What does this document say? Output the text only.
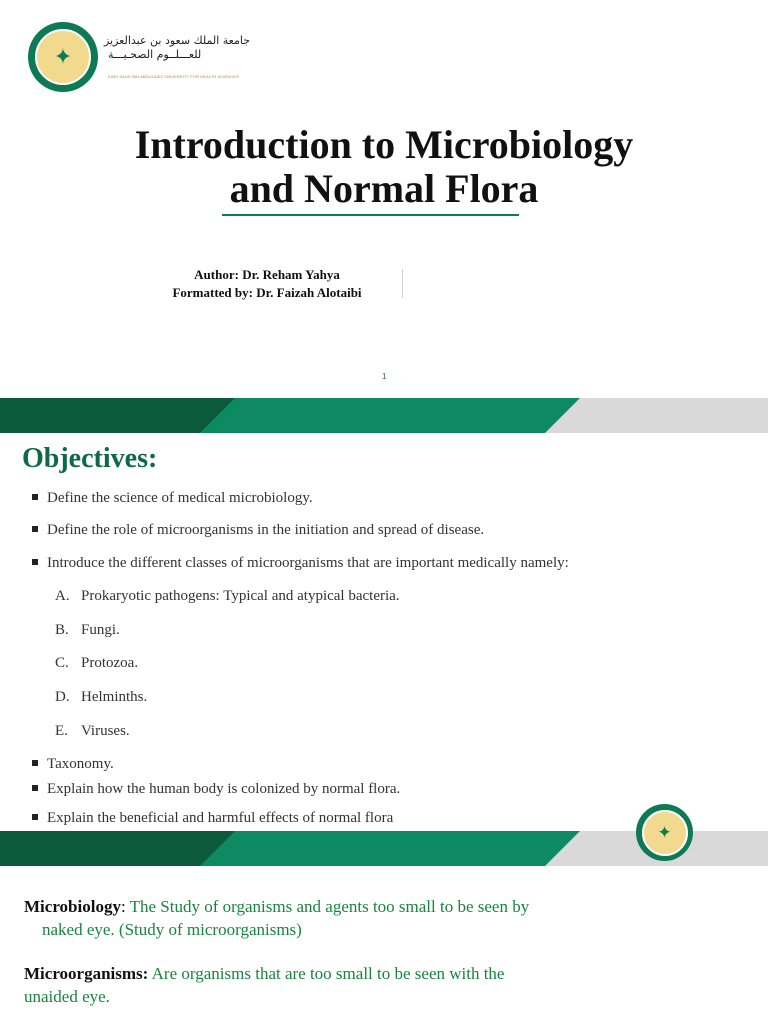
✦
جامعة الملك سعود بن عبدالعزيز
للعـــلــوم الصحـيـــة
KING SAUD BIN ABDULAZIZ UNIVERSITY FOR HEALTH SCIENCES
Introduction to Microbiology
and Normal Flora
Author: Dr. Reham Yahya
Formatted by: Dr. Faizah Alotaibi
1
Objectives:
Define the science of medical microbiology.
Define the role of microorganisms in the initiation and spread of disease.
Introduce the different classes of microorganisms that are important medically namely:
A. Prokaryotic pathogens: Typical and atypical bacteria.
B. Fungi.
C. Protozoa.
D. Helminths.
E. Viruses.
Taxonomy.
Explain how the human body is colonized by normal flora.
Explain the beneficial and harmful effects of normal flora
✦
Microbiology: The Study of organisms and agents too small to be seen by
naked eye. (Study of microorganisms)
Microorganisms: Are organisms that are too small to be seen with the
unaided eye.
